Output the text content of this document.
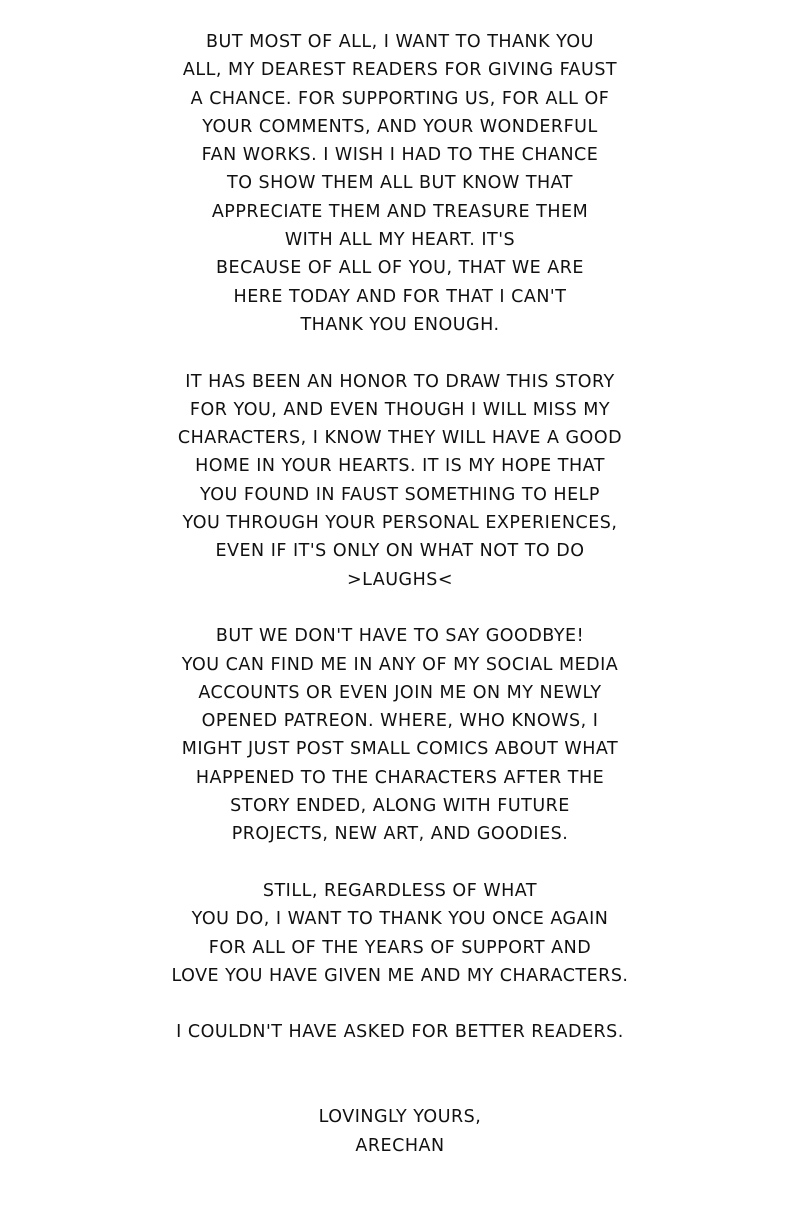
BUT MOST OF ALL, I WANT TO THANK YOU
ALL, MY DEAREST READERS FOR GIVING FAUST
A CHANCE. FOR SUPPORTING US, FOR ALL OF
YOUR COMMENTS, AND YOUR WONDERFUL
FAN WORKS. I WISH I HAD TO THE CHANCE
TO SHOW THEM ALL BUT KNOW THAT
APPRECIATE THEM AND TREASURE THEM
WITH ALL MY HEART. IT'S
BECAUSE OF ALL OF YOU, THAT WE ARE
HERE TODAY AND FOR THAT I CAN'T
THANK YOU ENOUGH.

IT HAS BEEN AN HONOR TO DRAW THIS STORY
FOR YOU, AND EVEN THOUGH I WILL MISS MY
CHARACTERS, I KNOW THEY WILL HAVE A GOOD
HOME IN YOUR HEARTS. IT IS MY HOPE THAT
YOU FOUND IN FAUST SOMETHING TO HELP
YOU THROUGH YOUR PERSONAL EXPERIENCES,
EVEN IF IT'S ONLY ON WHAT NOT TO DO
>LAUGHS<

BUT WE DON'T HAVE TO SAY GOODBYE!
YOU CAN FIND ME IN ANY OF MY SOCIAL MEDIA
ACCOUNTS OR EVEN JOIN ME ON MY NEWLY
OPENED PATREON. WHERE, WHO KNOWS, I
MIGHT JUST POST SMALL COMICS ABOUT WHAT
HAPPENED TO THE CHARACTERS AFTER THE
STORY ENDED, ALONG WITH FUTURE
PROJECTS, NEW ART, AND GOODIES.

STILL, REGARDLESS OF WHAT
YOU DO, I WANT TO THANK YOU ONCE AGAIN
FOR ALL OF THE YEARS OF SUPPORT AND
LOVE YOU HAVE GIVEN ME AND MY CHARACTERS.

I COULDN'T HAVE ASKED FOR BETTER READERS.

LOVINGLY YOURS,
ARECHAN
